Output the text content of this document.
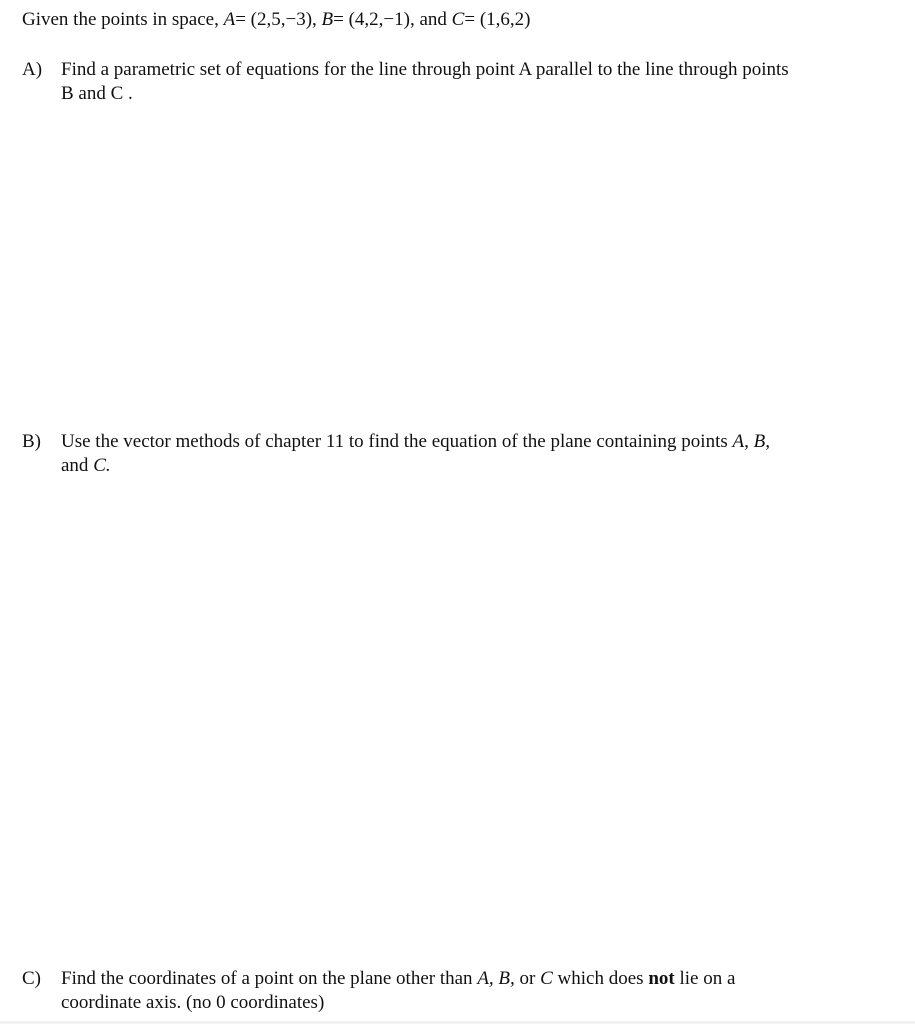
Given the points in space, A= (2,5,−3), B= (4,2,−1), and C= (1,6,2)
A) Find a parametric set of equations for the line through point A parallel to the line through points B and C .
B)	Use the vector methods of chapter 11 to find the equation of the plane containing points A, B, and C.
C)	Find the coordinates of a point on the plane other than A, B, or C which does not lie on a coordinate axis. (no 0 coordinates)
